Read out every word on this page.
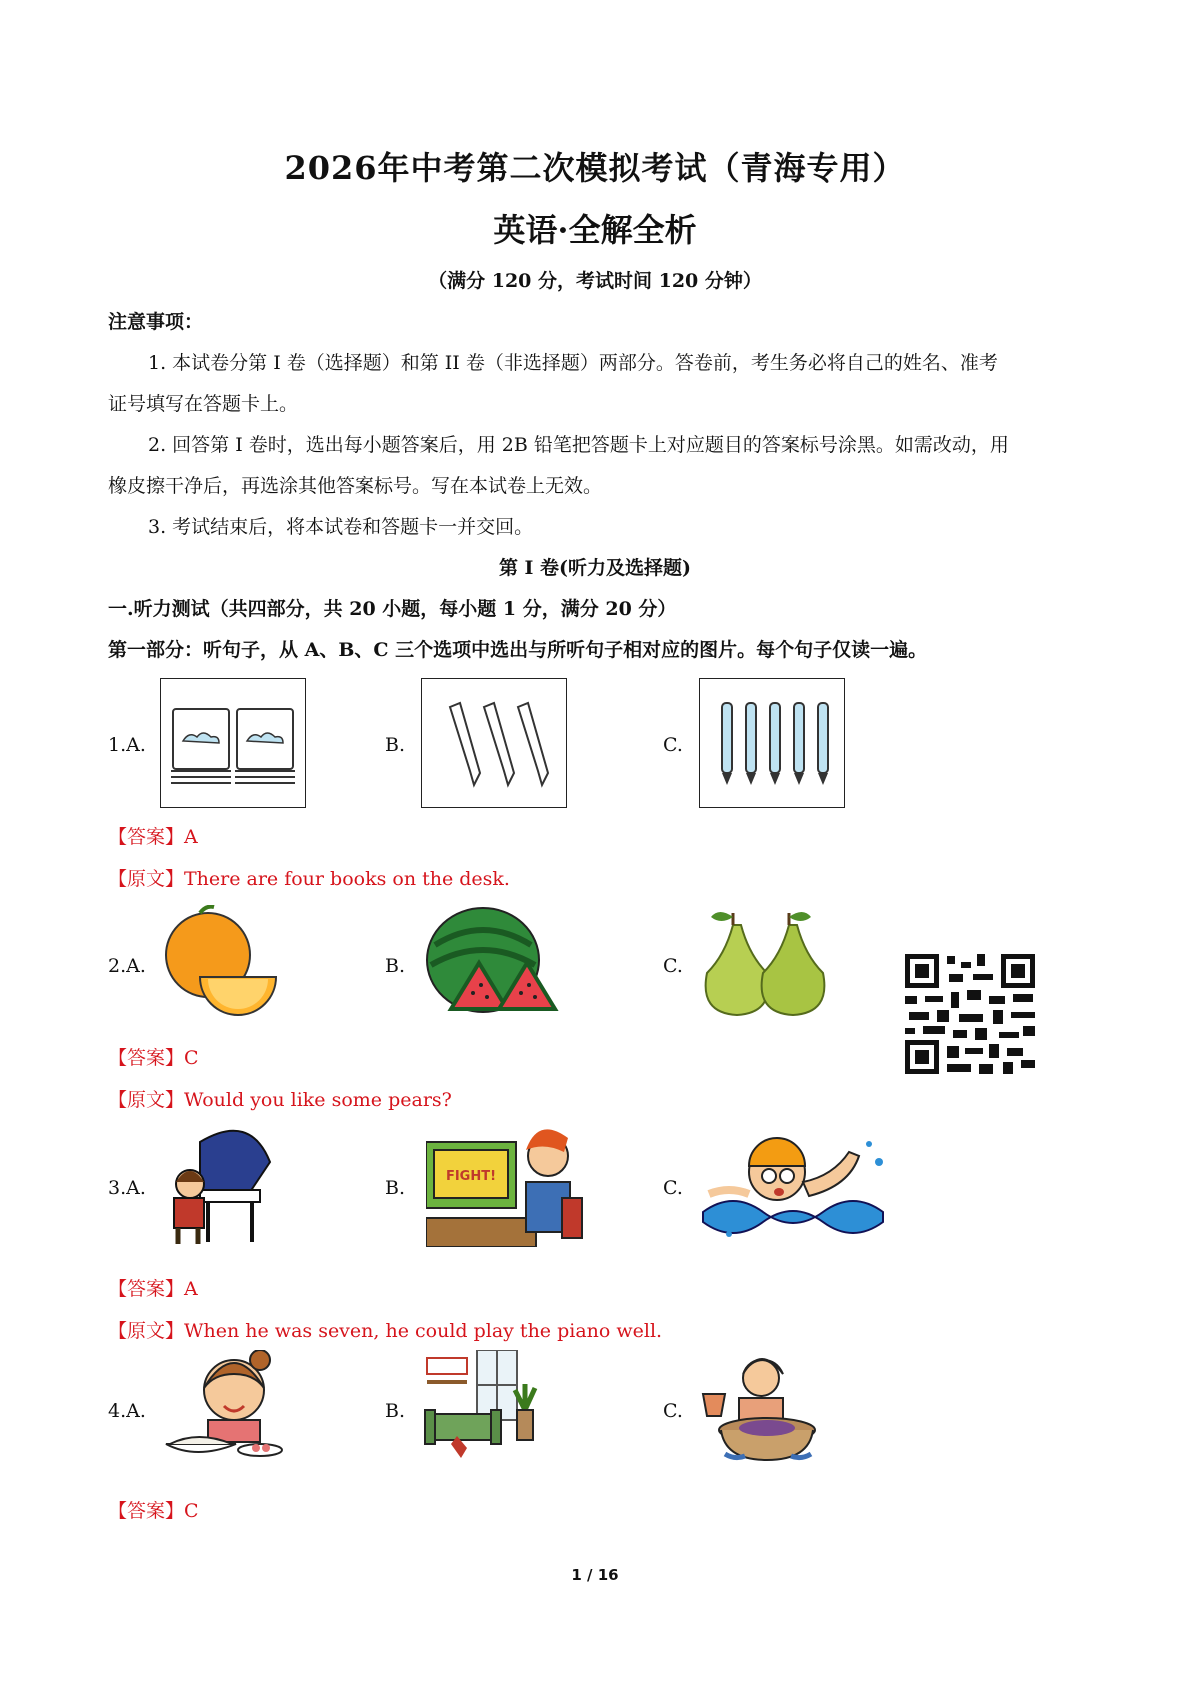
2026年中考第二次模拟考试（青海专用）
英语·全解全析
（满分 120 分，考试时间 120 分钟）
注意事项：
1. 本试卷分第 I 卷（选择题）和第 II 卷（非选择题）两部分。答卷前，考生务必将自己的姓名、准考
证号填写在答题卡上。
2. 回答第 I 卷时，选出每小题答案后，用 2B 铅笔把答题卡上对应题目的答案标号涂黑。如需改动，用
橡皮擦干净后，再选涂其他答案标号。写在本试卷上无效。
3. 考试结束后，将本试卷和答题卡一并交回。
第 I 卷(听力及选择题)
一.听力测试（共四部分，共 20 小题，每小题 1 分，满分 20 分）
第一部分：听句子，从 A、B、C 三个选项中选出与所听句子相对应的图片。每个句子仅读一遍。
1.A.	B.	C.
【答案】A
【原文】There are four books on the desk.
2.A.	B.	C.
【答案】C
【原文】Would you like some pears?
3.A.	B.
FIGHT!
C.
【答案】A
【原文】When he was seven, he could play the piano well.
4.A.	B.	C.
【答案】C
1 / 16
